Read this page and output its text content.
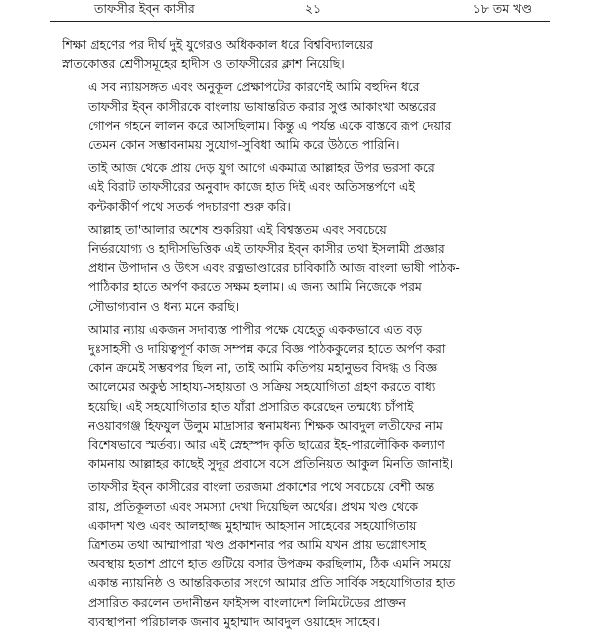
তাফসীর ইব্‌ন কাসীর	২১	১৮ তম খণ্ড
শিক্ষা গ্রহণের পর দীর্ঘ দুই যুগেরও অধিককাল ধরে বিশ্ববিদ্যালয়ের
স্নাতকোত্তর শ্রেণীসমূহের হাদীস ও তাফসীরের ক্লাশ নিয়েছি।
এ সব ন্যায়সঙ্গত এবং অনুকূল প্রেক্ষাপটের কারণেই আমি বহুদিন ধরে
তাফসীর ইব্‌ন কাসীরকে বাংলায় ভাষান্তরিত করার সুপ্ত আকাংখা অন্তরের
গোপন গহনে লালন করে আসছিলাম। কিন্তু এ পর্যন্ত একে বাস্তবে রূপ দেয়ার
তেমন কোন সম্ভাবনাময় সুযোগ-সুবিধা আমি করে উঠতে পারিনি।
তাই আজ থেকে প্রায় দেড় যুগ আগে একমাত্র আল্লাহর উপর ভরসা করে
এই বিরাট তাফসীরের অনুবাদ কাজে হাত দিই এবং অতিসন্তর্পণে এই
কন্টকাকীর্ণ পথে সতর্ক পদচারণা শুরু করি।
আল্লাহ তা'আলার অশেষ শুকরিয়া এই বিশ্বস্ততম এবং সবচেয়ে
নির্ভরযোগ্য ও হাদীসভিত্তিক এই তাফসীর ইব্‌ন কাসীর তথা ইসলামী প্রজ্ঞার
প্রধান উপাদান ও উৎস এবং রত্নভাণ্ডারের চাবিকাঠি আজ বাংলা ভাষী পাঠক-
পাঠিকার হাতে অর্পণ করতে সক্ষম হলাম। এ জন্য আমি নিজেকে পরম
সৌভাগ্যবান ও ধন্য মনে করছি।
আমার ন্যায় একজন সদাব্যস্ত পাপীর পক্ষে যেহেতু এককভাবে এত বড়
দুঃসাহসী ও দায়িত্বপূর্ণ কাজ সম্পন্ন করে বিজ্ঞ পাঠককুলের হাতে অর্পণ করা
কোন ক্রমেই সম্ভবপর ছিল না, তাই আমি কতিপয় মহানুভব বিদগ্ধ ও বিজ্ঞ
আলেমের অকুণ্ঠ সাহায্য-সহায়তা ও সক্রিয় সহযোগিতা গ্রহণ করতে বাধ্য
হয়েছি। এই সহযোগিতার হাত যাঁরা প্রসারিত করেছেন তন্মধ্যে চাঁপাই
নওয়াবগঞ্জ হিফযুল উলুম মাদ্রাসার স্বনামধন্য শিক্ষক আবদুল লতীফের নাম
বিশেষভাবে স্মর্তব্য। আর এই স্নেহস্পদ কৃতি ছাত্রের ইহ-পারলৌকিক কল্যাণ
কামনায় আল্লাহর কাছেই সুদূর প্রবাসে বসে প্রতিনিয়ত আকুল মিনতি জানাই।
তাফসীর ইব্‌ন কাসীরের বাংলা তরজমা প্রকাশের পথে সবচেয়ে বেশী অন্ত
রায়, প্রতিকূলতা এবং সমস্যা দেখা দিয়েছিল অর্থের। প্রথম খণ্ড থেকে
একাদশ খণ্ড এবং আলহাজ্জ মুহাম্মাদ আহসান সাহেবের সহযোগিতায়
ত্রিশতম তথা আম্মাপারা খণ্ড প্রকাশনার পর আমি যখন প্রায় ভগ্নোৎসাহ
অবস্থায় হতাশ প্রাণে হাত গুটিয়ে বসার উপক্রম করছিলাম, ঠিক এমনি সময়ে
একান্ত ন্যায়নিষ্ঠ ও আন্তরিকতার সংগে আমার প্রতি সার্বিক সহযোগিতার হাত
প্রসারিত করলেন তদানীন্তন ফাইসন্স বাংলাদেশ লিমিটেডের প্রাক্তন
ব্যবস্থাপনা পরিচালক জনাব মুহাম্মাদ আবদুল ওয়াহেদ সাহেব।
